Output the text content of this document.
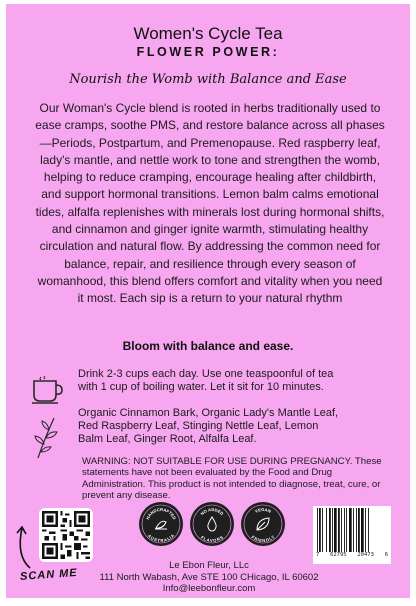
Women's Cycle Tea
FLOWER POWER:
Nourish the Womb with Balance and Ease
Our Woman's Cycle blend is rooted in herbs traditionally used to ease cramps, soothe PMS, and restore balance across all phases—Periods, Postpartum, and Premenopause. Red raspberry leaf, lady's mantle, and nettle work to tone and strengthen the womb, helping to reduce cramping, encourage healing after childbirth, and support hormonal transitions. Lemon balm calms emotional tides, alfalfa replenishes with minerals lost during hormonal shifts, and cinnamon and ginger ignite warmth, stimulating healthy circulation and natural flow. By addressing the common need for balance, repair, and resilience through every season of womanhood, this blend offers comfort and vitality when you need it most. Each sip is a return to your natural rhythm
Bloom with balance and ease.
Drink 2-3 cups each day. Use one teaspoonful of tea with 1 cup of boiling water. Let it sit for 10 minutes.
Organic Cinnamon Bark, Organic Lady's Mantle Leaf, Red Raspberry Leaf, Stinging Nettle Leaf, Lemon Balm Leaf, Ginger Root, Alfalfa Leaf.
WARNING: NOT SUITABLE FOR USE DURING PREGNANCY. These statements have not been evaluated by the Food and Drug Administration. This product is not intended to diagnose, treat, cure, or prevent any disease.
SCAN ME
HANDCRAFTED
AUSTRALIA
NO ADDED
FLAVORS
VEGAN
FRIENDLY
Le Ebon Fleur, LLc
111 North Wabash, Ave STE 100 CHicago, IL 60602
Info@leebonfleur.com
7 62795 20473 6
